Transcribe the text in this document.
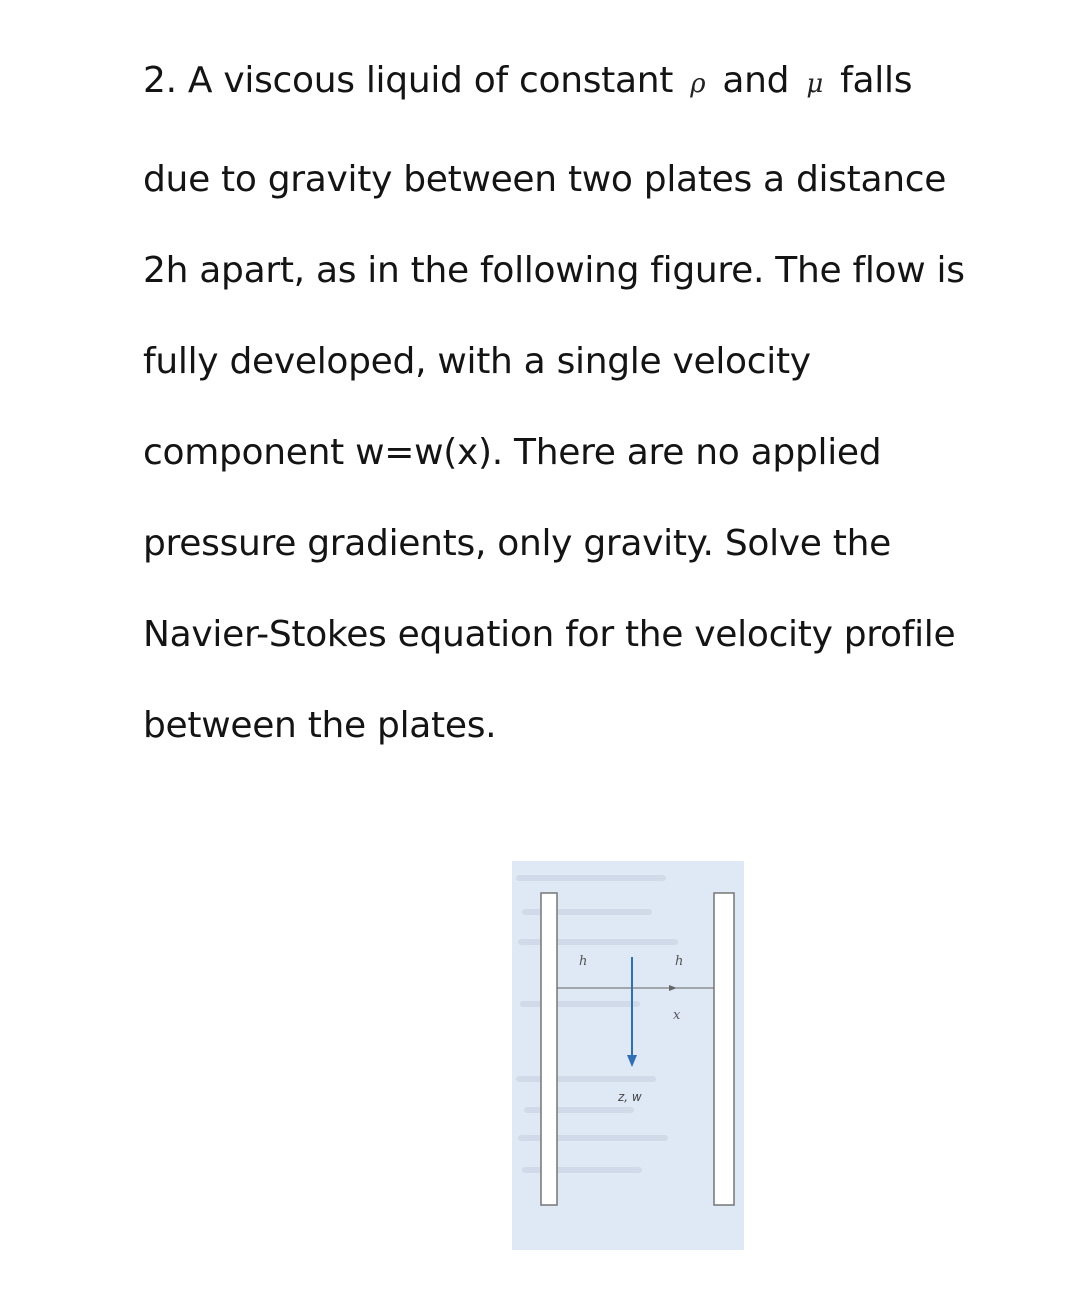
2. A viscous liquid of constant ρ and μ falls
due to gravity between two plates a distance
2h apart, as in the following figure. The flow is
fully developed, with a single velocity
component w=w(x). There are no applied
pressure gradients, only gravity. Solve the
Navier-Stokes equation for the velocity profile
between the plates.
h	h
x
z, w
